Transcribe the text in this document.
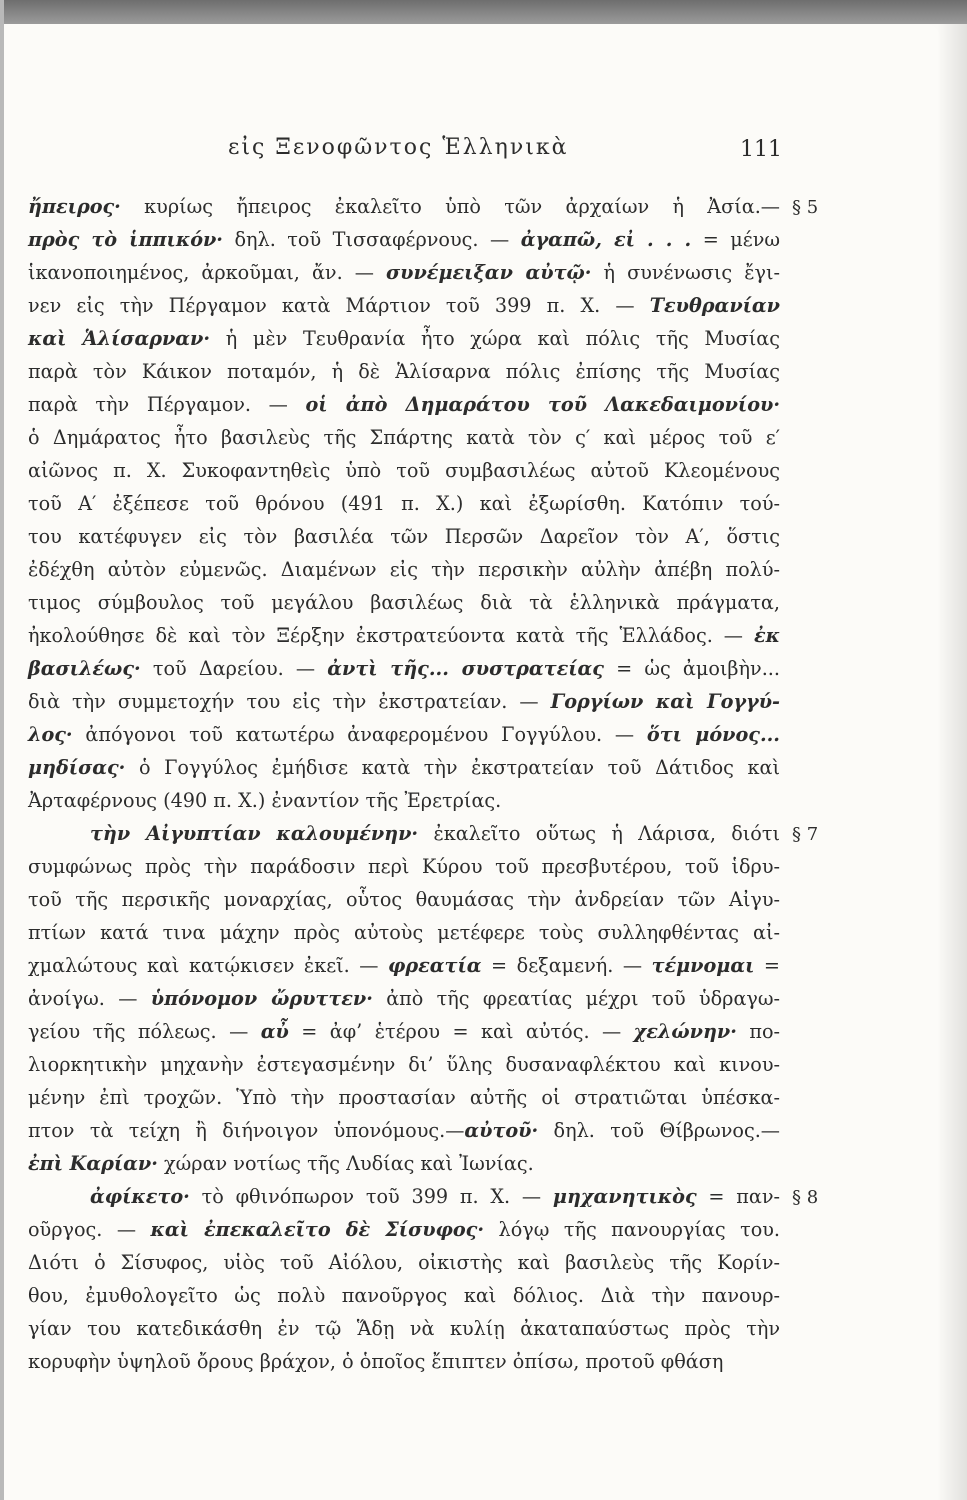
εἰς Ξενοφῶντος Ἑλληνικὰ	111
ἤπειρος· κυρίως ἤπειρος ἐκαλεῖτο ὑπὸ τῶν ἀρχαίων ἡ Ἀσία.—
πρὸς τὸ ἱππικόν· δηλ. τοῦ Τισσαφέρνους. — ἀγαπῶ, εἰ . . . = μένω
ἱκανοποιημένος, ἀρκοῦμαι, ἄν. — συνέμειξαν αὐτῷ· ἡ συνένωσις ἔγι-
νεν εἰς τὴν Πέργαμον κατὰ Μάρτιον τοῦ 399 π. Χ. — Τευθρανίαν
καὶ Ἁλίσαρναν· ἡ μὲν Τευθρανία ἦτο χώρα καὶ πόλις τῆς Μυσίας
παρὰ τὸν Κάικον ποταμόν, ἡ δὲ Ἁλίσαρνα πόλις ἐπίσης τῆς Μυσίας
παρὰ τὴν Πέργαμον. — οἱ ἀπὸ Δημαράτου τοῦ Λακεδαιμονίου·
ὁ Δημάρατος ἦτο βασιλεὺς τῆς Σπάρτης κατὰ τὸν ς′ καὶ μέρος τοῦ ε′
αἰῶνος π. Χ. Συκοφαντηθεὶς ὑπὸ τοῦ συμβασιλέως αὐτοῦ Κλεομένους
τοῦ Α′ ἐξέπεσε τοῦ θρόνου (491 π. Χ.) καὶ ἐξωρίσθη. Κατόπιν τού-
του κατέφυγεν εἰς τὸν βασιλέα τῶν Περσῶν Δαρεῖον τὸν Α′, ὅστις
ἐδέχθη αὐτὸν εὐμενῶς. Διαμένων εἰς τὴν περσικὴν αὐλὴν ἀπέβη πολύ-
τιμος σύμβουλος τοῦ μεγάλου βασιλέως διὰ τὰ ἑλληνικὰ πράγματα,
ἠκολούθησε δὲ καὶ τὸν Ξέρξην ἐκστρατεύοντα κατὰ τῆς Ἑλλάδος. — ἐκ
βασιλέως· τοῦ Δαρείου. — ἀντὶ τῆς... συστρατείας = ὡς ἀμοιβὴν...
διὰ τὴν συμμετοχήν του εἰς τὴν ἐκστρατείαν. — Γοργίων καὶ Γογγύ-
λος· ἀπόγονοι τοῦ κατωτέρω ἀναφερομένου Γογγύλου. — ὅτι μόνος...
μηδίσας· ὁ Γογγύλος ἐμήδισε κατὰ τὴν ἐκστρατείαν τοῦ Δάτιδος καὶ
Ἀρταφέρνους (490 π. Χ.) ἐναντίον τῆς Ἐρετρίας.
τὴν Αἰγυπτίαν καλουμένην· ἐκαλεῖτο οὕτως ἡ Λάρισα, διότι
συμφώνως πρὸς τὴν παράδοσιν περὶ Κύρου τοῦ πρεσβυτέρου, τοῦ ἱδρυ-
τοῦ τῆς περσικῆς μοναρχίας, οὗτος θαυμάσας τὴν ἀνδρείαν τῶν Αἰγυ-
πτίων κατά τινα μάχην πρὸς αὐτοὺς μετέφερε τοὺς συλληφθέντας αἰ-
χμαλώτους καὶ κατῴκισεν ἐκεῖ. — φρεατία = δεξαμενή. — τέμνομαι =
ἀνοίγω. — ὑπόνομον ὤρυττεν· ἀπὸ τῆς φρεατίας μέχρι τοῦ ὑδραγω-
γείου τῆς πόλεως. — αὖ = ἀφ’ ἑτέρου = καὶ αὐτός. — χελώνην· πο-
λιορκητικὴν μηχανὴν ἐστεγασμένην δι’ ὕλης δυσαναφλέκτου καὶ κινου-
μένην ἐπὶ τροχῶν. Ὑπὸ τὴν προστασίαν αὐτῆς οἱ στρατιῶται ὑπέσκα-
πτον τὰ τείχη ἢ διήνοιγον ὑπονόμους.—αὐτοῦ· δηλ. τοῦ Θίβρωνος.—
ἐπὶ Καρίαν· χώραν νοτίως τῆς Λυδίας καὶ Ἰωνίας.
ἀφίκετο· τὸ φθινόπωρον τοῦ 399 π. Χ. — μηχανητικὸς = παν-
οῦργος. — καὶ ἐπεκαλεῖτο δὲ Σίσυφος· λόγῳ τῆς πανουργίας του.
Διότι ὁ Σίσυφος, υἱὸς τοῦ Αἰόλου, οἰκιστὴς καὶ βασιλεὺς τῆς Κορίν-
θου, ἐμυθολογεῖτο ὡς πολὺ πανοῦργος καὶ δόλιος. Διὰ τὴν πανουρ-
γίαν του κατεδικάσθη ἐν τῷ Ἅδῃ νὰ κυλίῃ ἀκαταπαύστως πρὸς τὴν
κορυφὴν ὑψηλοῦ ὄρους βράχον, ὁ ὁποῖος ἔπιπτεν ὀπίσω, προτοῦ φθάση
§ 5
§ 7
§ 8
